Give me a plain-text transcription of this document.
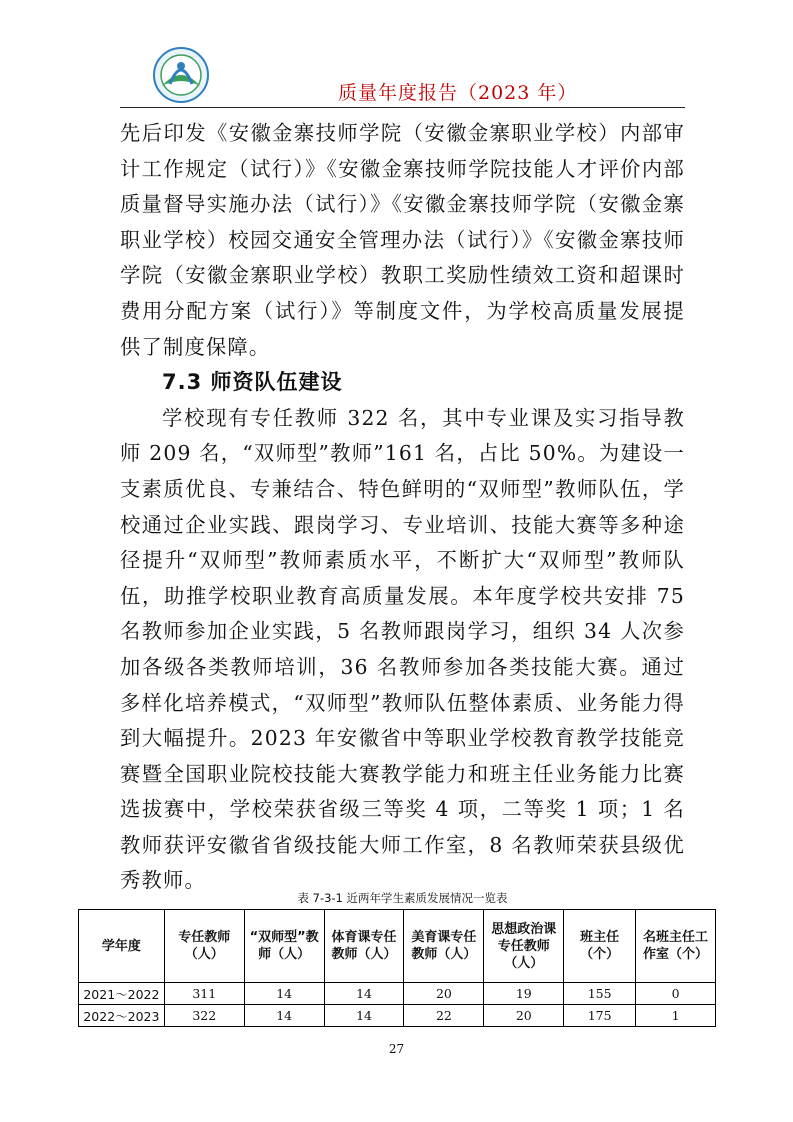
质量年度报告（2023 年）

先后印发《安徽金寨技师学院（安徽金寨职业学校）内部审计工作规定（试行）》《安徽金寨技师学院技能人才评价内部质量督导实施办法（试行）》《安徽金寨技师学院（安徽金寨职业学校）校园交通安全管理办法（试行）》《安徽金寨技师学院（安徽金寨职业学校）教职工奖励性绩效工资和超课时费用分配方案（试行）》等制度文件，为学校高质量发展提供了制度保障。

7.3 师资队伍建设

学校现有专任教师 322 名，其中专业课及实习指导教师 209 名，“双师型”教师”161 名，占比 50%。为建设一支素质优良、专兼结合、特色鲜明的“双师型”教师队伍，学校通过企业实践、跟岗学习、专业培训、技能大赛等多种途径提升“双师型”教师素质水平，不断扩大“双师型”教师队伍，助推学校职业教育高质量发展。本年度学校共安排 75 名教师参加企业实践，5 名教师跟岗学习，组织 34 人次参加各级各类教师培训，36 名教师参加各类技能大赛。通过多样化培养模式，“双师型”教师队伍整体素质、业务能力得到大幅提升。2023 年安徽省中等职业学校教育教学技能竞赛暨全国职业院校技能大赛教学能力和班主任业务能力比赛选拔赛中，学校荣获省级三等奖 4 项，二等奖 1 项；1 名教师获评安徽省省级技能大师工作室，8 名教师荣获县级优秀教师。

表 7-3-1 近两年学生素质发展情况一览表
学年度	专任教师（人）	“双师型”教师（人）	体育课专任教师（人）	美育课专任教师（人）	思想政治课专任教师（人）	班主任（个）	名班主任工作室（个）
2021～2022	311	14	14	20	19	155	0
2022～2023	322	14	14	22	20	175	1
27
